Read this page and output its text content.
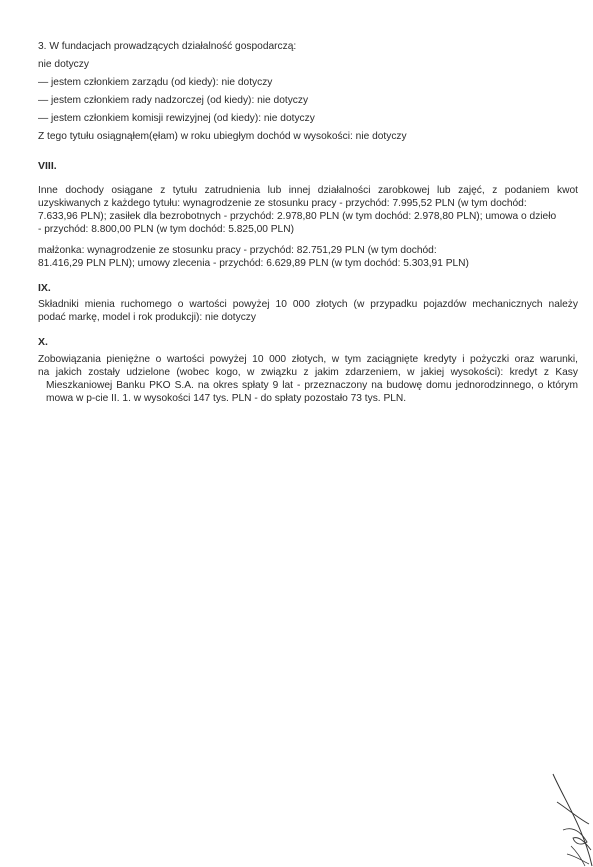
3. W fundacjach prowadzących działalność gospodarczą:
nie dotyczy
— jestem członkiem zarządu (od kiedy): nie dotyczy
— jestem członkiem rady nadzorczej (od kiedy): nie dotyczy
— jestem członkiem komisji rewizyjnej (od kiedy): nie dotyczy
Z tego tytułu osiągnąłem(ęłam) w roku ubiegłym dochód w wysokości: nie dotyczy
VIII.
Inne dochody osiągane z tytułu zatrudnienia lub innej działalności zarobkowej lub zajęć, z podaniem kwot
uzyskiwanych z każdego tytułu: wynagrodzenie ze stosunku pracy - przychód: 7.995,52 PLN (w tym dochód:
7.633,96 PLN); zasiłek dla bezrobotnych - przychód: 2.978,80 PLN (w tym dochód: 2.978,80 PLN); umowa o dzieło
- przychód: 8.800,00 PLN (w tym dochód: 5.825,00 PLN)
małżonka: wynagrodzenie ze stosunku pracy - przychód: 82.751,29 PLN (w tym dochód:
81.416,29 PLN PLN); umowy zlecenia - przychód: 6.629,89 PLN (w tym dochód: 5.303,91 PLN)
IX.
Składniki mienia ruchomego o wartości powyżej 10 000 złotych (w przypadku pojazdów mechanicznych należy
podać markę, model i rok produkcji): nie dotyczy
X.
Zobowiązania pieniężne o wartości powyżej 10 000 złotych, w tym zaciągnięte kredyty i pożyczki oraz warunki,
na jakich zostały udzielone (wobec kogo, w związku z jakim zdarzeniem, w jakiej wysokości): kredyt z Kasy
Mieszkaniowej Banku PKO S.A. na okres spłaty 9 lat - przeznaczony na budowę domu jednorodzinnego, o którym
mowa w p-cie II. 1. w wysokości 147 tys. PLN - do spłaty pozostało 73 tys. PLN.
